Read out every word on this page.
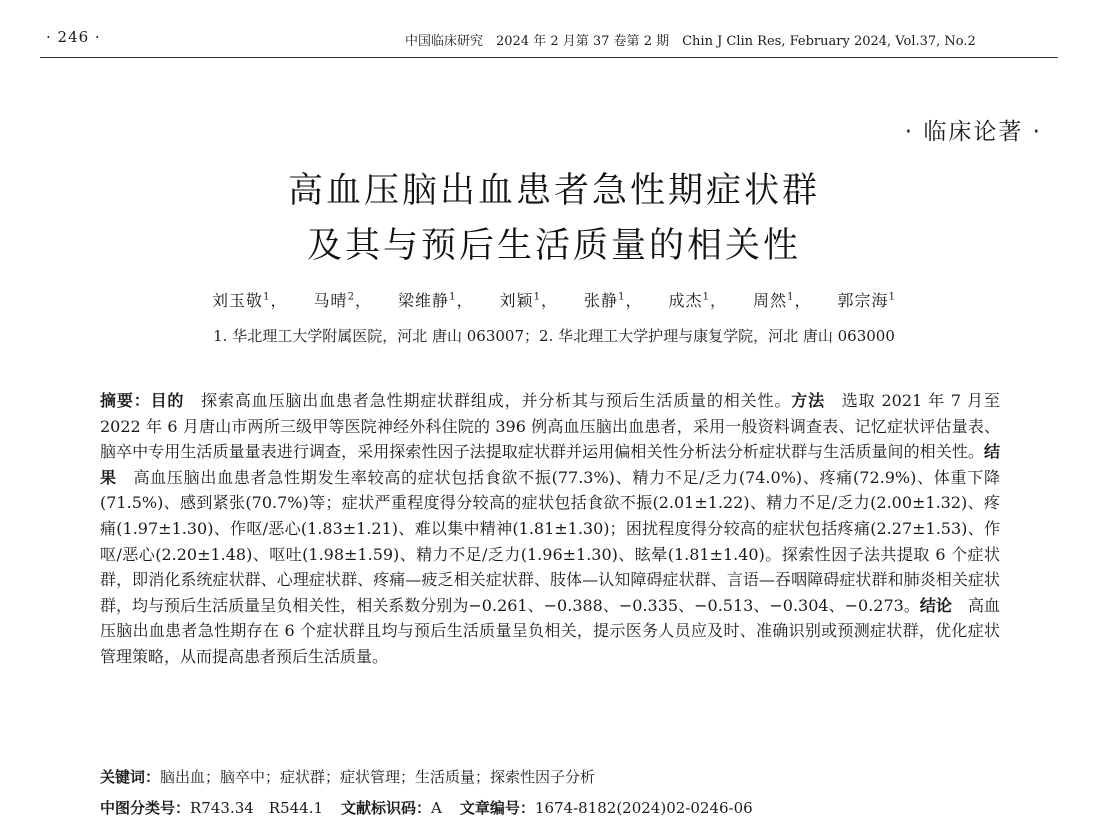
· 246 ·	中国临床研究　2024 年 2 月第 37 卷第 2 期　Chin J Clin Res, February 2024, Vol.37, No.2
· 临床论著 ·
高血压脑出血患者急性期症状群
及其与预后生活质量的相关性
刘玉敬$^1$， 马晴$^2$， 梁维静$^1$， 刘颖$^1$， 张静$^1$， 成杰$^1$， 周然$^1$， 郭宗海$^1$
1. 华北理工大学附属医院，河北 唐山 063007；2. 华北理工大学护理与康复学院，河北 唐山 063000
摘要：目的　 探索高血压脑出血患者急性期症状群组成，并分析其与预后生活质量的相关性。方法　 选取 2021 年 7 月至 2022 年 6 月唐山市两所三级甲等医院神经外科住院的 396 例高血压脑出血患者，采用一般资料调查表、记忆症状评估量表、脑卒中专用生活质量量表进行调查，采用探索性因子法提取症状群并运用偏相关性分析法分析症状群与生活质量间的相关性。结果　 高血压脑出血患者急性期发生率较高的症状包括食欲不振(77.3%)、精力不足/乏力(74.0%)、疼痛(72.9%)、体重下降(71.5%)、感到紧张(70.7%)等；症状严重程度得分较高的症状包括食欲不振(2.01±1.22)、精力不足/乏力(2.00±1.32)、疼痛(1.97±1.30)、作呕/恶心(1.83±1.21)、难以集中精神(1.81±1.30)；困扰程度得分较高的症状包括疼痛(2.27±1.53)、作呕/恶心(2.20±1.48)、呕吐(1.98±1.59)、精力不足/乏力(1.96±1.30)、眩晕(1.81±1.40)。探索性因子法共提取 6 个症状群，即消化系统症状群、心理症状群、疼痛—疲乏相关症状群、肢体—认知障碍症状群、言语—吞咽障碍症状群和肺炎相关症状群，均与预后生活质量呈负相关性，相关系数分别为−0.261、−0.388、−0.335、−0.513、−0.304、−0.273。结论　 高血压脑出血患者急性期存在 6 个症状群且均与预后生活质量呈负相关，提示医务人员应及时、准确识别或预测症状群，优化症状管理策略，从而提高患者预后生活质量。
关键词：脑出血；脑卒中；症状群；症状管理；生活质量；探索性因子分析
中图分类号：R743.34　R544.1 文献标识码：A 文章编号：1674-8182(2024)02-0246-06
